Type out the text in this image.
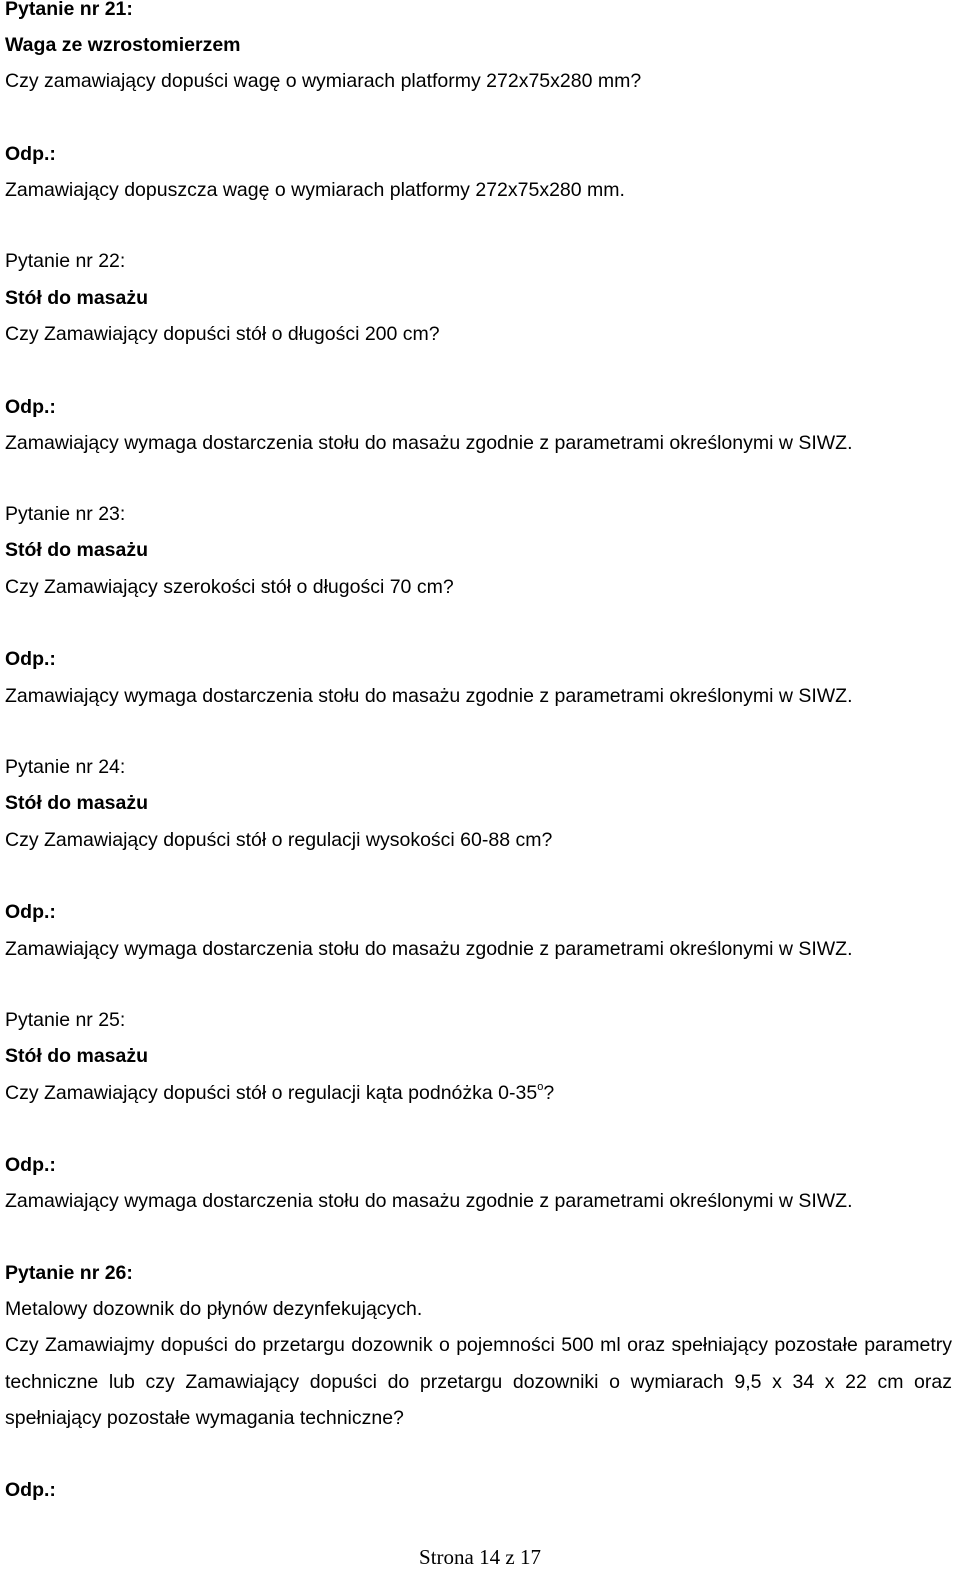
Pytanie nr 21:

Waga ze wzrostomierzem

Czy zamawiający dopuści wagę o wymiarach platformy 272x75x280 mm?

Odp.:

Zamawiający dopuszcza wagę o wymiarach platformy 272x75x280 mm.

Pytanie nr 22:

Stół do masażu

Czy Zamawiający dopuści stół o długości 200 cm?

Odp.:

Zamawiający wymaga dostarczenia stołu do masażu zgodnie z parametrami określonymi w SIWZ.

Pytanie nr 23:

Stół do masażu

Czy Zamawiający szerokości stół o długości 70 cm?

Odp.:

Zamawiający wymaga dostarczenia stołu do masażu zgodnie z parametrami określonymi w SIWZ.

Pytanie nr 24:

Stół do masażu

Czy Zamawiający dopuści stół o regulacji wysokości 60-88 cm?

Odp.:

Zamawiający wymaga dostarczenia stołu do masażu zgodnie z parametrami określonymi w SIWZ.

Pytanie nr 25:

Stół do masażu

Czy Zamawiający dopuści stół o regulacji kąta podnóżka 0-35$^o$?

Odp.:

Zamawiający wymaga dostarczenia stołu do masażu zgodnie z parametrami określonymi w SIWZ.

Pytanie nr 26:

Metalowy dozownik do płynów dezynfekujących.

Czy Zamawiajmy dopuści do przetargu dozownik o pojemności 500 ml oraz spełniający pozostałe parametry techniczne lub czy Zamawiający dopuści do przetargu dozowniki o wymiarach 9,5 x 34 x 22 cm oraz spełniający pozostałe wymagania techniczne?

Odp.:

Strona 14 z 17
